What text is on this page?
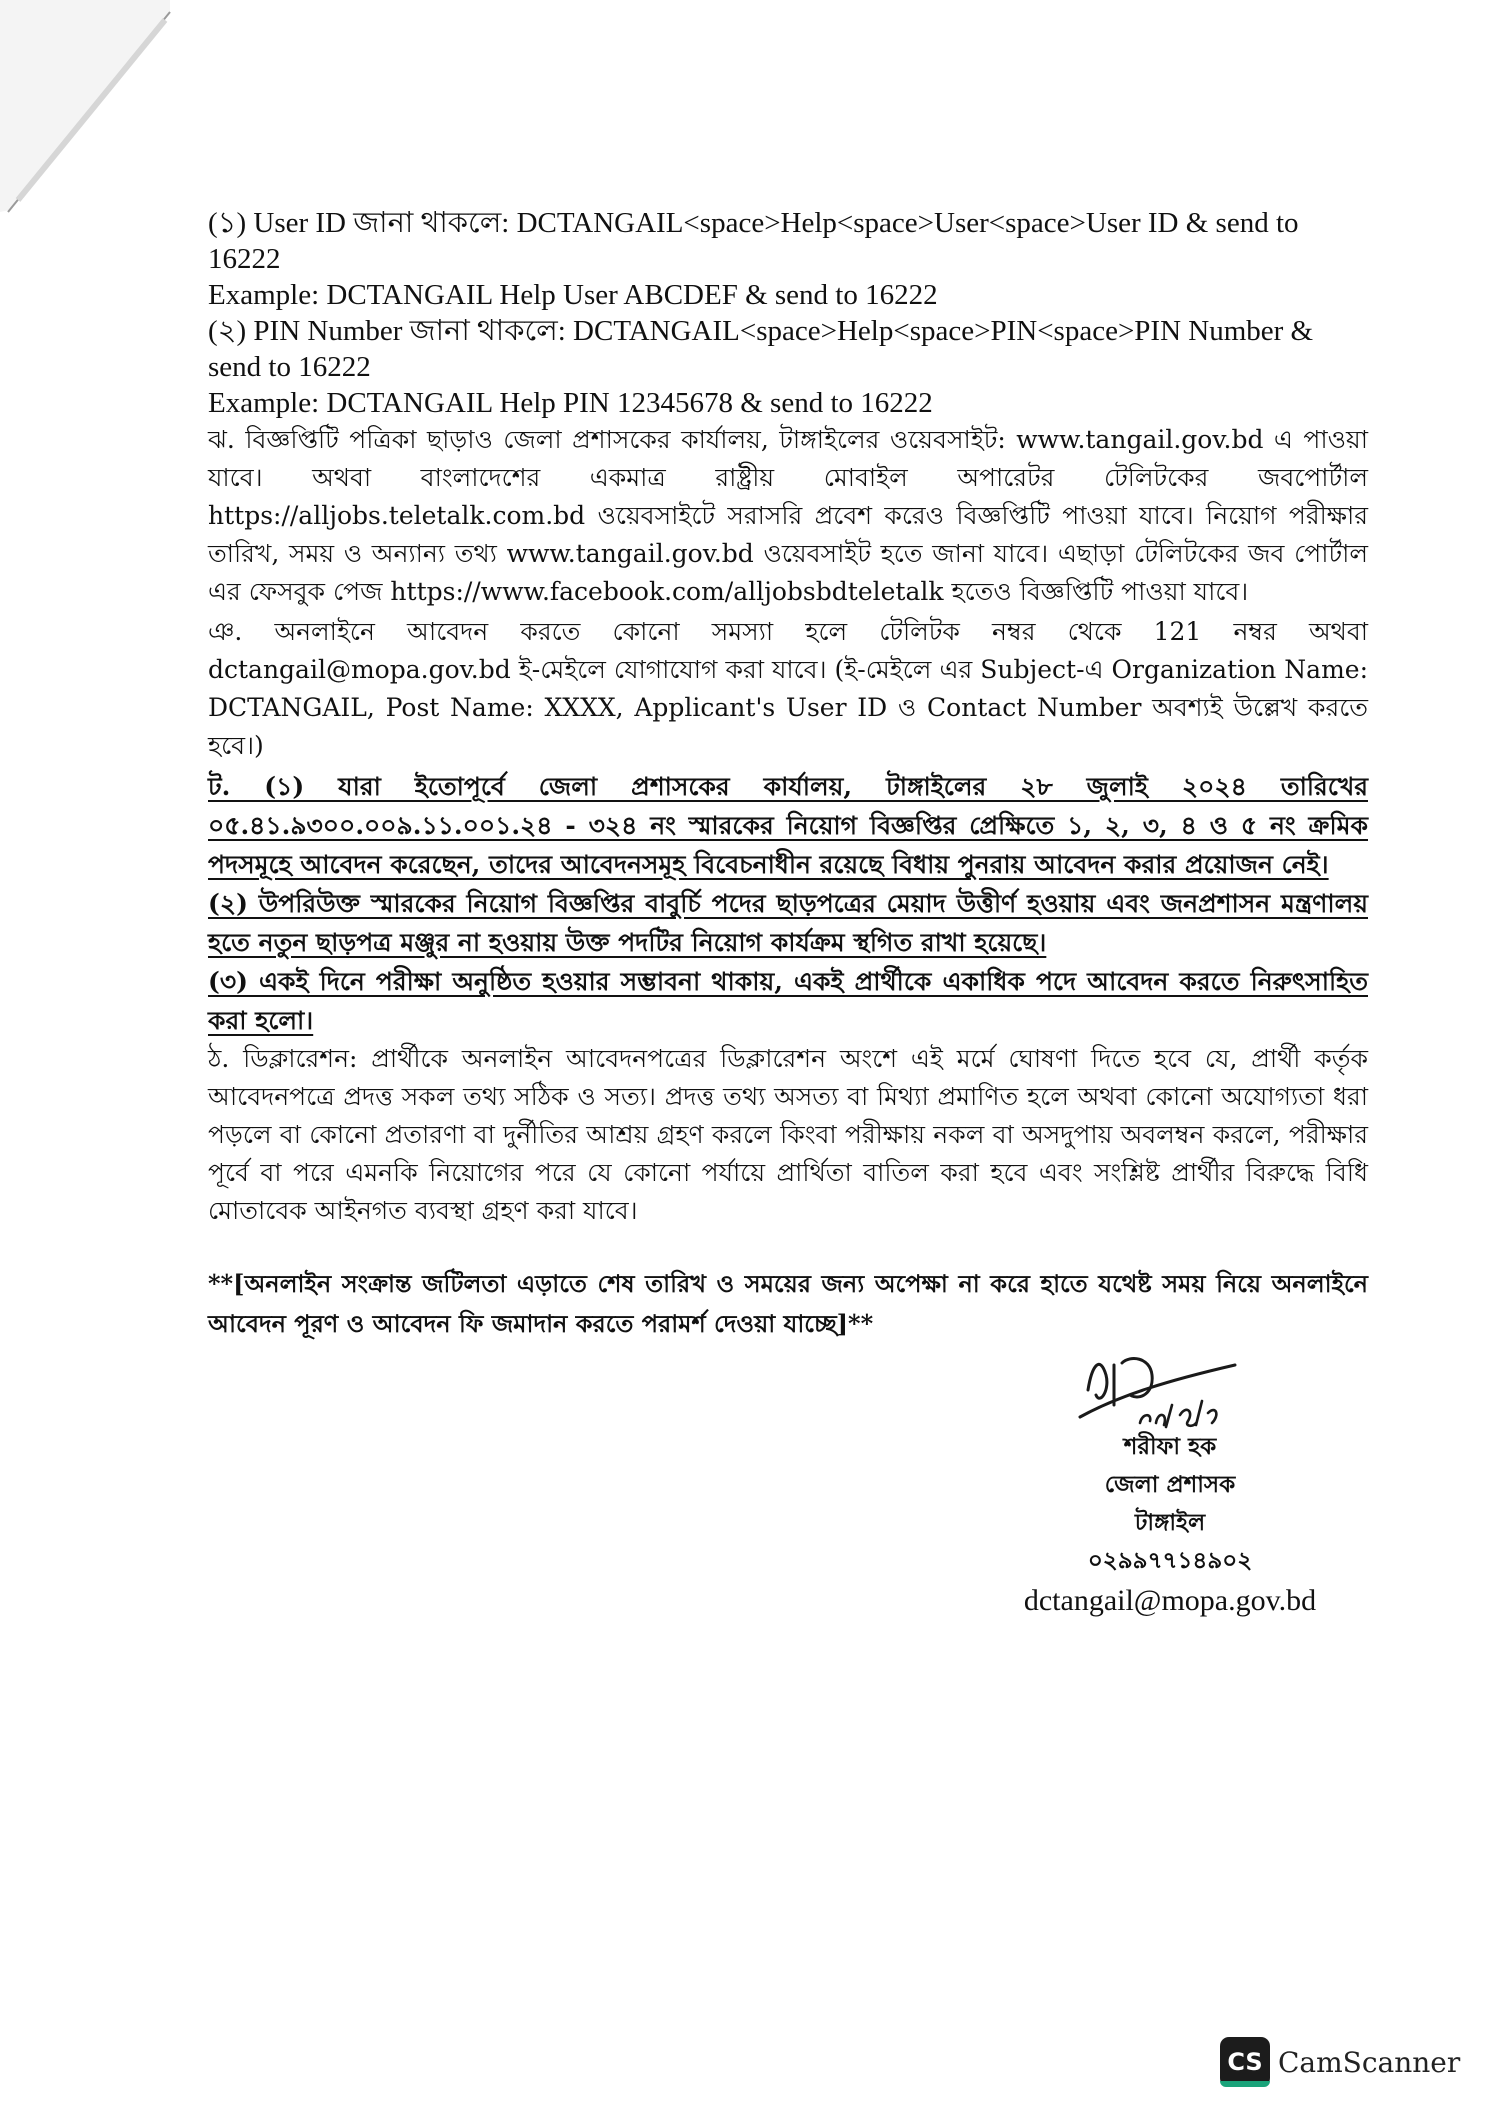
(১) User ID জানা থাকলে: DCTANGAIL<space>Help<space>User<space>User ID & send to

16222

Example: DCTANGAIL Help User ABCDEF & send to 16222

(২) PIN Number জানা থাকলে: DCTANGAIL<space>Help<space>PIN<space>PIN Number &

send to 16222

Example: DCTANGAIL Help PIN 12345678 & send to 16222

ঝ. বিজ্ঞপ্তিটি পত্রিকা ছাড়াও জেলা প্রশাসকের কার্যালয়, টাঙ্গাইলের ওয়েবসাইট: www.tangail.gov.bd এ পাওয়া যাবে। অথবা বাংলাদেশের একমাত্র রাষ্ট্রীয় মোবাইল অপারেটর টেলিটকের জবপোর্টাল https://alljobs.teletalk.com.bd ওয়েবসাইটে সরাসরি প্রবেশ করেও বিজ্ঞপ্তিটি পাওয়া যাবে। নিয়োগ পরীক্ষার তারিখ, সময় ও অন্যান্য তথ্য www.tangail.gov.bd ওয়েবসাইট হতে জানা যাবে। এছাড়া টেলিটকের জব পোর্টাল এর ফেসবুক পেজ https://www.facebook.com/alljobsbdteletalk হতেও বিজ্ঞপ্তিটি পাওয়া যাবে।

ঞ. অনলাইনে আবেদন করতে কোনো সমস্যা হলে টেলিটক নম্বর থেকে 121 নম্বর অথবা dctangail@mopa.gov.bd ই-মেইলে যোগাযোগ করা যাবে। (ই-মেইলে এর Subject-এ Organization Name: DCTANGAIL, Post Name: XXXX, Applicant's User ID ও Contact Number অবশ্যই উল্লেখ করতে হবে।)

ট. (১) যারা ইতোপূর্বে জেলা প্রশাসকের কার্যালয়, টাঙ্গাইলের ২৮ জুলাই ২০২৪ তারিখের ০৫.৪১.৯৩০০.০০৯.১১.০০১.২৪ - ৩২৪ নং স্মারকের নিয়োগ বিজ্ঞপ্তির প্রেক্ষিতে ১, ২, ৩, ৪ ও ৫ নং ক্রমিক পদসমূহে আবেদন করেছেন, তাদের আবেদনসমূহ বিবেচনাধীন রয়েছে বিধায় পুনরায় আবেদন করার প্রয়োজন নেই।

(২) উপরিউক্ত স্মারকের নিয়োগ বিজ্ঞপ্তির বাবুর্চি পদের ছাড়পত্রের মেয়াদ উত্তীর্ণ হওয়ায় এবং জনপ্রশাসন মন্ত্রণালয় হতে নতুন ছাড়পত্র মঞ্জুর না হওয়ায় উক্ত পদটির নিয়োগ কার্যক্রম স্থগিত রাখা হয়েছে।

(৩) একই দিনে পরীক্ষা অনুষ্ঠিত হওয়ার সম্ভাবনা থাকায়, একই প্রার্থীকে একাধিক পদে আবেদন করতে নিরুৎসাহিত করা হলো।

ঠ. ডিক্লারেশন: প্রার্থীকে অনলাইন আবেদনপত্রের ডিক্লারেশন অংশে এই মর্মে ঘোষণা দিতে হবে যে, প্রার্থী কর্তৃক আবেদনপত্রে প্রদত্ত সকল তথ্য সঠিক ও সত্য। প্রদত্ত তথ্য অসত্য বা মিথ্যা প্রমাণিত হলে অথবা কোনো অযোগ্যতা ধরা পড়লে বা কোনো প্রতারণা বা দুর্নীতির আশ্রয় গ্রহণ করলে কিংবা পরীক্ষায় নকল বা অসদুপায় অবলম্বন করলে, পরীক্ষার পূর্বে বা পরে এমনকি নিয়োগের পরে যে কোনো পর্যায়ে প্রার্থিতা বাতিল করা হবে এবং সংশ্লিষ্ট প্রার্থীর বিরুদ্ধে বিধি মোতাবেক আইনগত ব্যবস্থা গ্রহণ করা যাবে।

**[অনলাইন সংক্রান্ত জটিলতা এড়াতে শেষ তারিখ ও সময়ের জন্য অপেক্ষা না করে হাতে যথেষ্ট সময় নিয়ে অনলাইনে আবেদন পূরণ ও আবেদন ফি জমাদান করতে পরামর্শ দেওয়া যাচ্ছে]**

শরীফা হক

জেলা প্রশাসক

টাঙ্গাইল

০২৯৯৭৭১৪৯০২

dctangail@mopa.gov.bd

CS CamScanner
